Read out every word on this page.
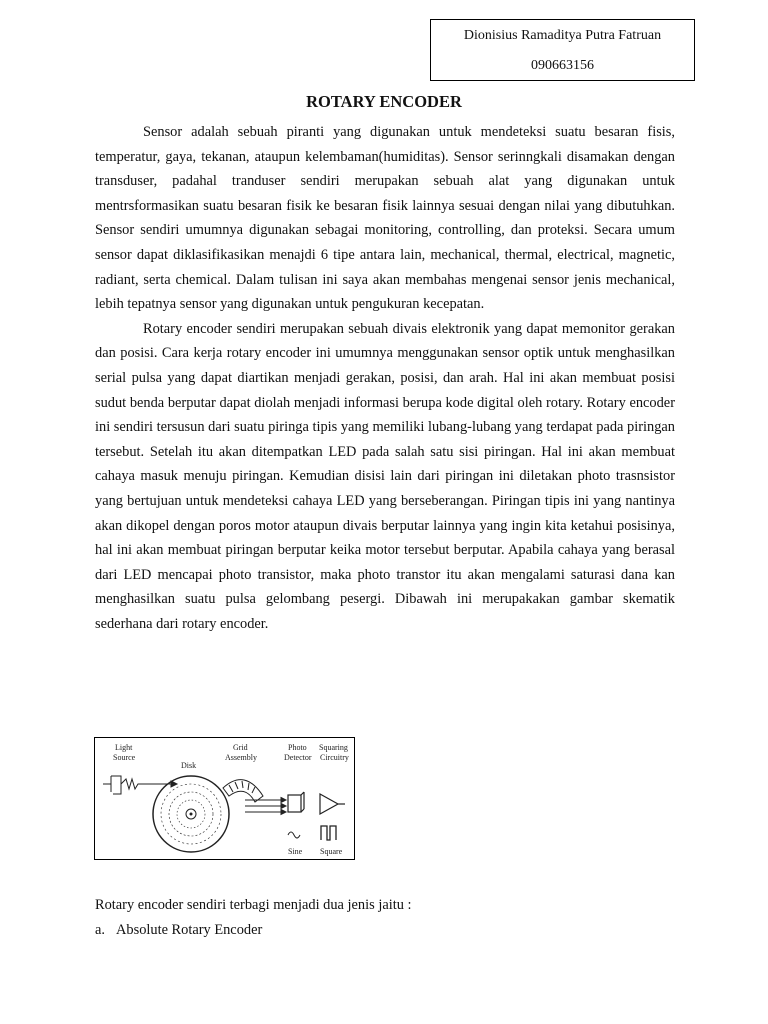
Dionisius Ramaditya Putra Fatruan
090663156
ROTARY ENCODER

Sensor adalah sebuah piranti yang digunakan untuk mendeteksi suatu besaran fisis, temperatur, gaya, tekanan, ataupun kelembaman(humiditas). Sensor serinngkali disamakan dengan transduser, padahal tranduser sendiri merupakan sebuah alat yang digunakan untuk mentrsformasikan suatu besaran fisik ke besaran fisik lainnya sesuai dengan nilai yang dibutuhkan. Sensor sendiri umumnya digunakan sebagai monitoring, controlling, dan proteksi. Secara umum sensor dapat diklasifikasikan menajdi 6 tipe antara lain, mechanical, thermal, electrical, magnetic, radiant, serta chemical. Dalam tulisan ini saya akan membahas mengenai sensor jenis mechanical, lebih tepatnya sensor yang digunakan untuk pengukuran kecepatan.

Rotary encoder sendiri merupakan sebuah divais elektronik yang dapat memonitor gerakan dan posisi. Cara kerja rotary encoder ini umumnya menggunakan sensor optik untuk menghasilkan serial pulsa yang dapat diartikan menjadi gerakan, posisi, dan arah. Hal ini akan membuat posisi sudut benda berputar dapat diolah menjadi informasi berupa kode digital oleh rotary. Rotary encoder ini sendiri tersusun dari suatu piringa tipis yang memiliki lubang-lubang yang terdapat pada piringan tersebut. Setelah itu akan ditempatkan LED pada salah satu sisi piringan. Hal ini akan membuat cahaya masuk menuju piringan. Kemudian disisi lain dari piringan ini diletakan photo trasnsistor yang bertujuan untuk mendeteksi cahaya LED yang berseberangan. Piringan tipis ini yang nantinya akan dikopel dengan poros motor ataupun divais berputar lainnya yang ingin kita ketahui posisinya, hal ini akan membuat piringan berputar keika motor tersebut berputar. Apabila cahaya yang berasal dari LED mencapai photo transistor, maka photo transtor itu akan mengalami saturasi dana kan menghasilkan suatu pulsa gelombang pesergi. Dibawah ini merupakakan gambar skematik sederhana dari rotary encoder.

Light
Source
Disk
Grid
Assembly
Photo
Detector
Squaring
Circuitry
Sine Square

Rotary encoder sendiri terbagi menjadi dua jenis jaitu :

a. Absolute Rotary Encoder
